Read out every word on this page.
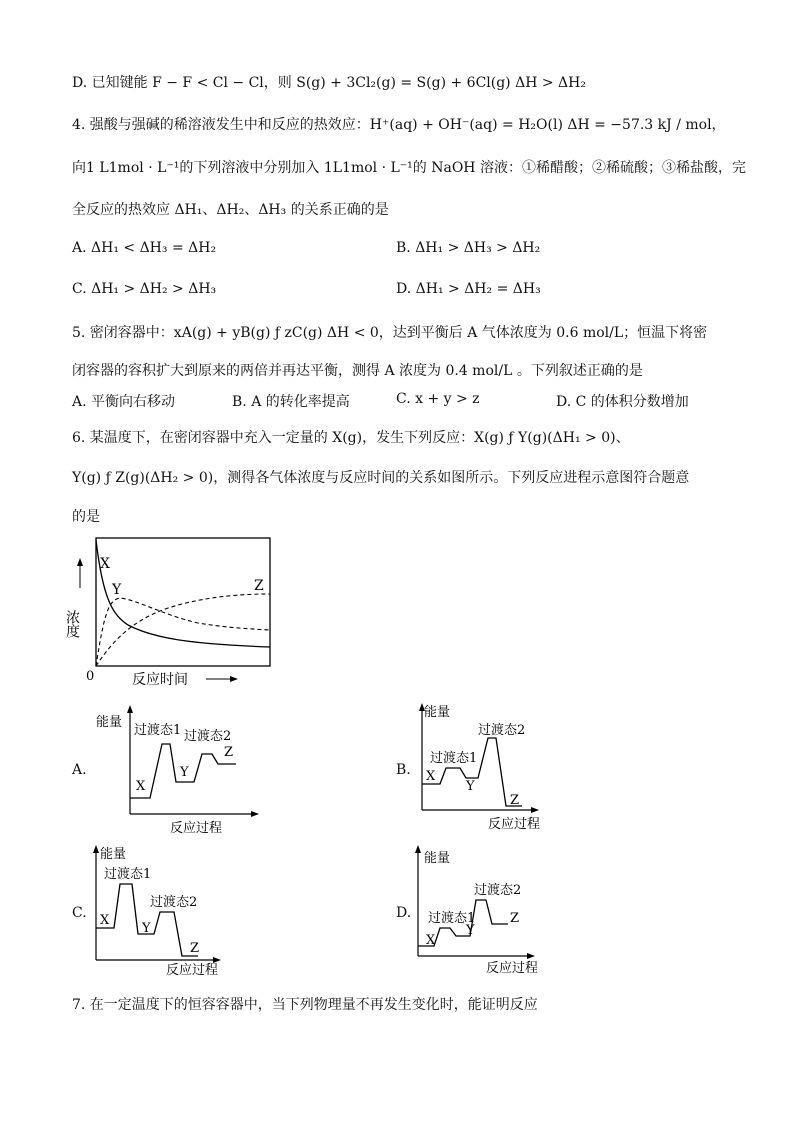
D. 已知键能 F − F < Cl − Cl，则 S(g) + 3Cl₂(g) = S(g) + 6Cl(g) ΔH > ΔH₂
4. 强酸与强碱的稀溶液发生中和反应的热效应：H⁺(aq) + OH⁻(aq) = H₂O(l) ΔH = −57.3 kJ / mol，
向1 L1mol · L⁻¹的下列溶液中分别加入 1L1mol · L⁻¹的 NaOH 溶液：①稀醋酸；②稀硫酸；③稀盐酸，完
全反应的热效应 ΔH₁、ΔH₂、ΔH₃ 的关系正确的是
A. ΔH₁ < ΔH₃ = ΔH₂	B. ΔH₁ > ΔH₃ > ΔH₂
C. ΔH₁ > ΔH₂ > ΔH₃	D. ΔH₁ > ΔH₂ = ΔH₃
5. 密闭容器中：xA(g) + yB(g) ƒ zC(g) ΔH < 0，达到平衡后 A 气体浓度为 0.6 mol/L；恒温下将密
闭容器的容积扩大到原来的两倍并再达平衡，测得 A 浓度为 0.4 mol/L 。下列叙述正确的是
A. 平衡向右移动	B. A 的转化率提高	C. x + y > z	D. C 的体积分数增加
6. 某温度下，在密闭容器中充入一定量的 X(g)，发生下列反应：X(g) ƒ Y(g)(ΔH₁ > 0)、
Y(g) ƒ Z(g)(ΔH₂ > 0)，测得各气体浓度与反应时间的关系如图所示。下列反应进程示意图符合题意
的是
X
Y	Z
浓度
0	反应时间
A.
能量
过渡态1 过渡态2
X
Y
Z
反应过程
B.
能量
过渡态1
过渡态2
X
Y
Z
反应过程
C.
能量
过渡态1
过渡态2
X
Y
Z
反应过程
D.
能量
过渡态1
过渡态2
X
Y
Z
反应过程
7. 在一定温度下的恒容容器中，当下列物理量不再发生变化时，能证明反应
